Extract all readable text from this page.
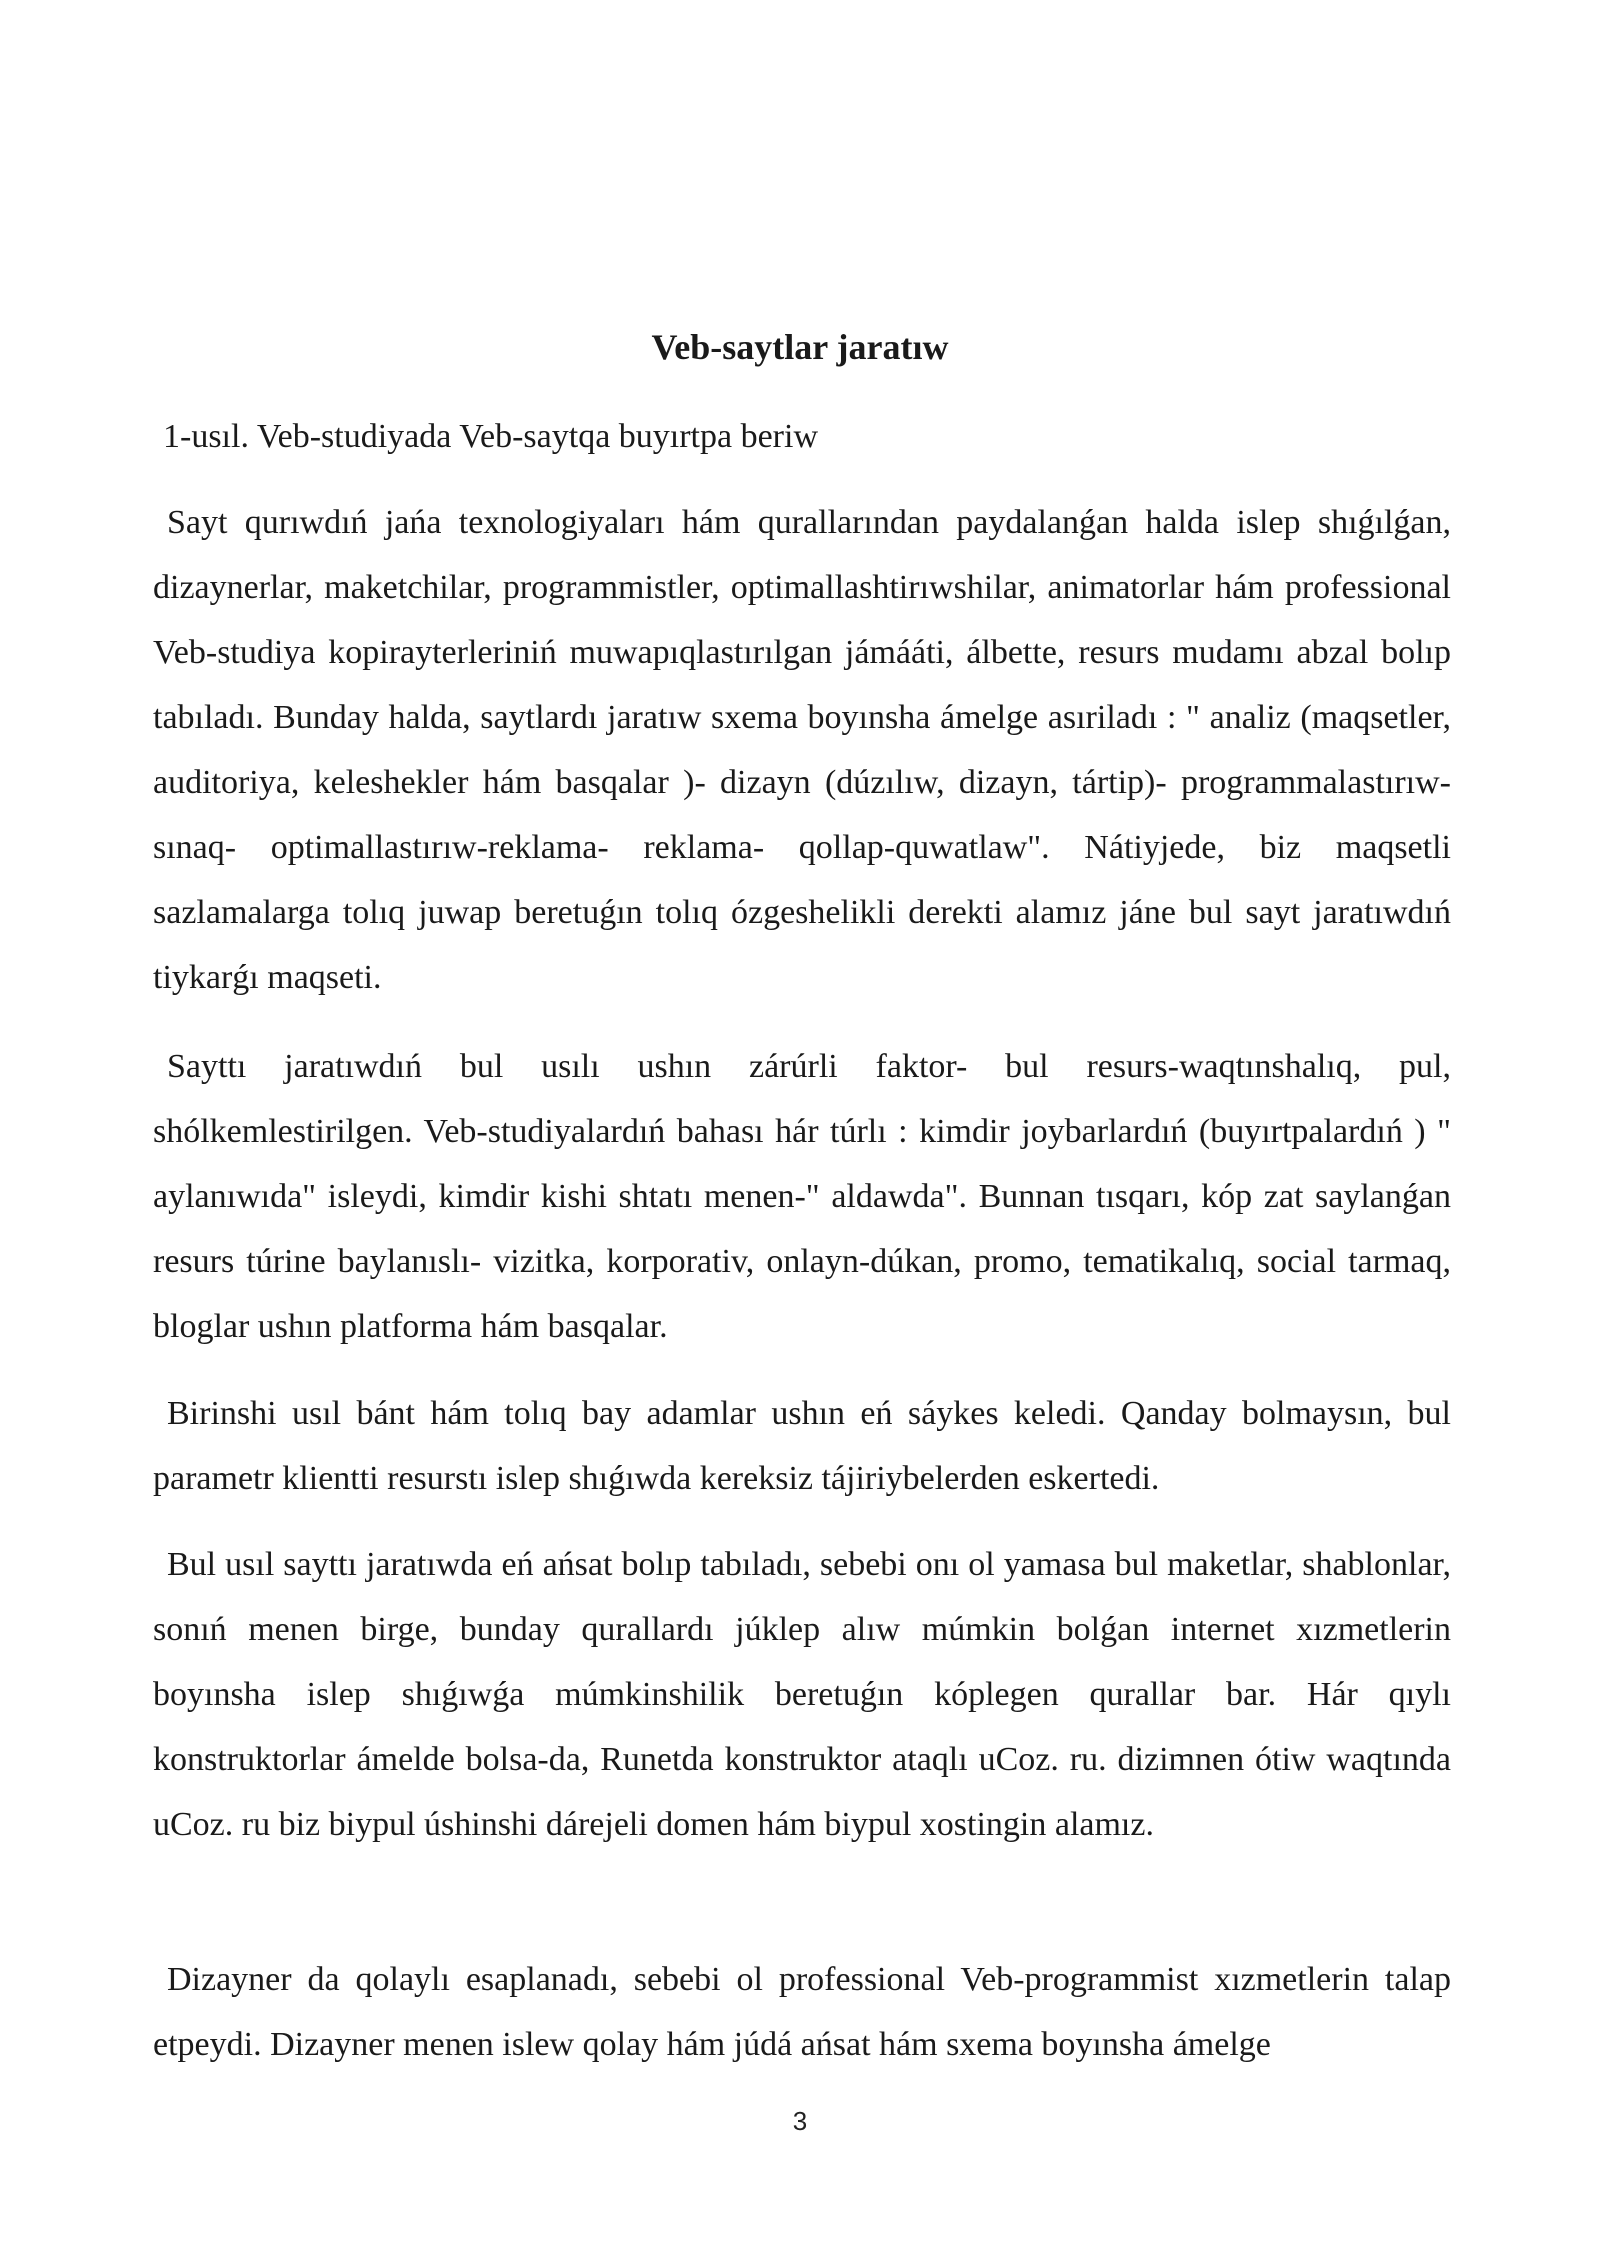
Veb-saytlar jaratıw
1-usıl. Veb-studiyada Veb-saytqa buyırtpa beriw

Sayt qurıwdıń jańa texnologiyaları hám qurallarından paydalanǵan halda islep shıǵılǵan, dizaynerlar, maketchilar, programmistler, optimallashtirıwshilar, animatorlar hám professional Veb-studiya kopirayterleriniń muwapıqlastırılgan jámááti, álbette, resurs mudamı abzal bolıp tabıladı. Bunday halda, saytlardı jaratıw sxema boyınsha ámelge asıriladı : " analiz (maqsetler, auditoriya, keleshekler hám basqalar )- dizayn (dúzılıw, dizayn, tártip)- programmalastırıw- sınaq- optimallastırıw-reklama- reklama- qollap-quwatlaw". Nátiyjede, biz maqsetli sazlamalarga tolıq juwap beretuǵın tolıq ózgeshelikli derekti alamız jáne bul sayt jaratıwdıń tiykarǵı maqseti.

Sayttı jaratıwdıń bul usılı ushın zárúrli faktor- bul resurs-waqtınshalıq, pul, shólkemlestirilgen. Veb-studiyalardıń bahası hár túrlı : kimdir joybarlardıń (buyırtpalardıń ) " aylanıwıda" isleydi, kimdir kishi shtatı menen-" aldawda". Bunnan tısqarı, kóp zat saylanǵan resurs túrine baylanıslı- vizitka, korporativ, onlayn-dúkan, promo, tematikalıq, social tarmaq, bloglar ushın platforma hám basqalar.

Birinshi usıl bánt hám tolıq bay adamlar ushın eń sáykes keledi. Qanday bolmaysın, bul parametr klientti resurstı islep shıǵıwda kereksiz tájiriybelerden eskertedi.

Bul usıl sayttı jaratıwda eń ańsat bolıp tabıladı, sebebi onı ol yamasa bul maketlar, shablonlar, sonıń menen birge, bunday qurallardı júklep alıw múmkin bolǵan internet xızmetlerin boyınsha islep shıǵıwǵa múmkinshilik beretuǵın kóplegen qurallar bar. Hár qıylı konstruktorlar ámelde bolsa-da, Runetda konstruktor ataqlı uCoz. ru. dizimnen ótiw waqtında uCoz. ru biz biypul úshinshi dárejeli domen hám biypul xostingin alamız.

Dizayner da qolaylı esaplanadı, sebebi ol professional Veb-programmist xızmetlerin talap etpeydi. Dizayner menen islew qolay hám júdá ańsat hám sxema boyınsha ámelge

3
